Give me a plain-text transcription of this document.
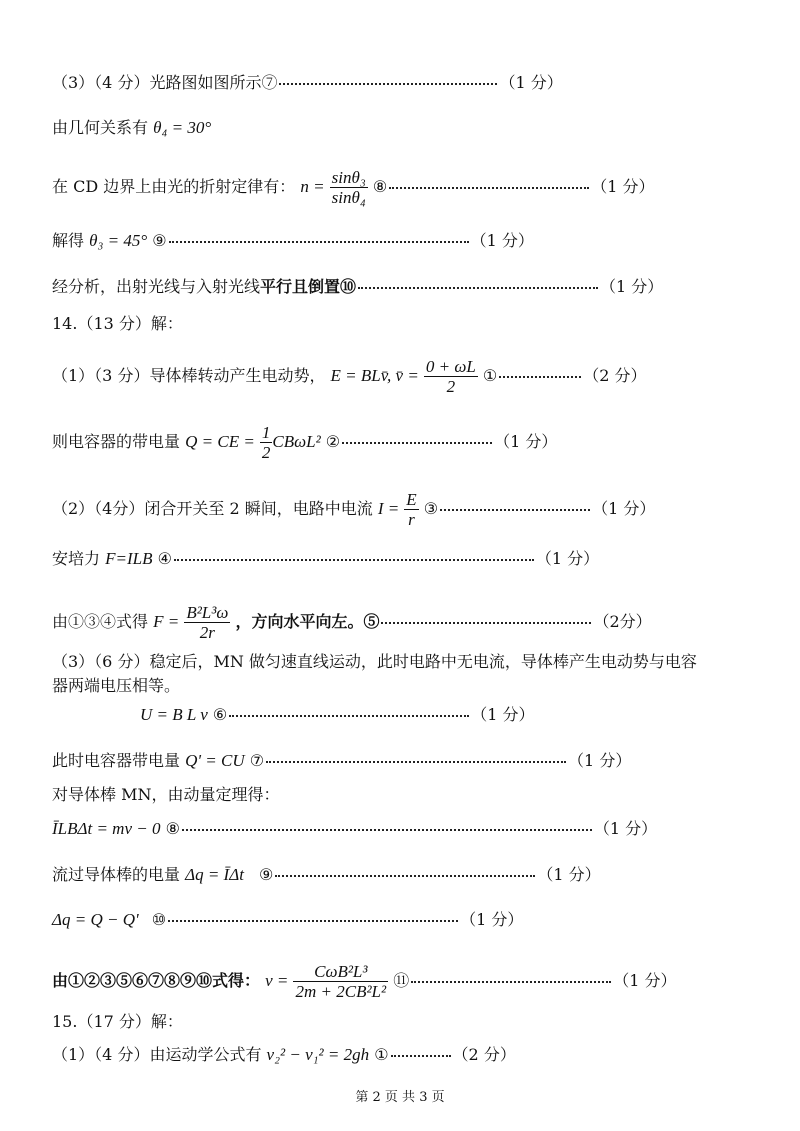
（3）（4 分）光路图如图所示⑦	（1 分）
由几何关系有 θ₄ = 30°
在 CD 边界上由光的折射定律有： $n = \frac{\text{sinθ₃}}{\text{sinθ₄}}$ ⑧	（1 分）
解得 θ₃ = 45° ⑨	（1 分）
经分析，出射光线与入射光线平行且倒置⑩	（1 分）
14.（13 分）解：
（1）（3 分）导体棒转动产生电动势， E = BLv̄, v̄ = $\frac{0 + \omega L}{2}$ ①	（2 分）
则电容器的带电量 Q = CE = $\frac{1}{2} CB\omega L^2$ ②	（1 分）
（2）（4分）闭合开关至 2 瞬间，电路中电流 $I = \frac{E}{r}$ ③	（1 分）
安培力 F=ILB ④	（1 分）
由①③④式得 $F = \frac{\text{B²L³ω}}{2r}$ ，方向水平向左。⑤	（2分）
（3）（6 分）稳定后，MN 做匀速直线运动，此时电路中无电流，导体棒产生电动势与电容
器两端电压相等。
U = B L v ⑥	（1 分）
此时电容器带电量 Q' = CU ⑦	（1 分）
对导体棒 MN，由动量定理得：
ĪLBΔt = mv − 0 ⑧	（1 分）
流过导体棒的电量 Δq = ĪΔt ⑨	（1 分）
Δq = Q − Q' ⑩	（1 分）
由①②③⑤⑥⑦⑧⑨⑩式得： $v = \frac{\text{CωB²L³}}{\text{2m + 2CB²L²}}$ ⑪	（1 分）
15.（17 分）解：
（1）（4 分）由运动学公式有 v₂² − v₁² = 2gh ①	（2 分）
第 2 页 共 3 页
